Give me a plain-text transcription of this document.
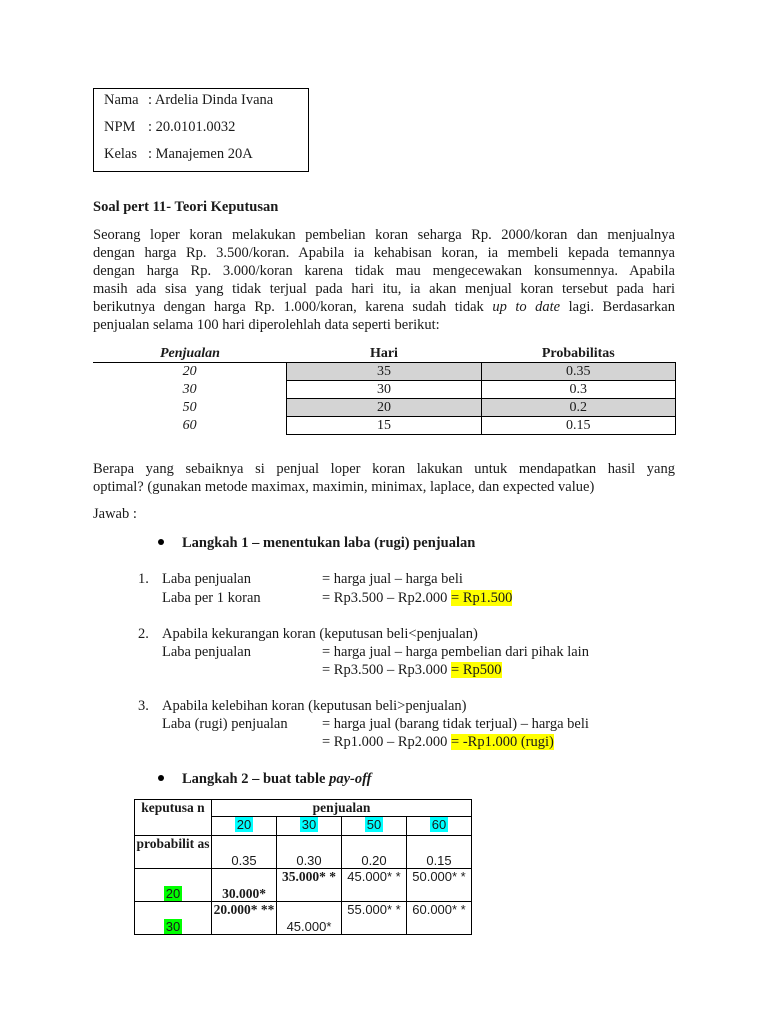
Nama : Ardelia Dinda Ivana
NPM : 20.0101.0032
Kelas : Manajemen 20A
Soal pert 11- Teori Keputusan

Seorang loper koran melakukan pembelian koran seharga Rp. 2000/koran dan menjualnya

dengan harga Rp. 3.500/koran. Apabila ia kehabisan koran, ia membeli kepada temannya

dengan harga Rp. 3.000/koran karena tidak mau mengecewakan konsumennya. Apabila

masih ada sisa yang tidak terjual pada hari itu, ia akan menjual koran tersebut pada hari

berikutnya dengan harga Rp. 1.000/koran, karena sudah tidak up to date lagi. Berdasarkan

penjualan selama 100 hari diperolehlah data seperti berikut:

Penjualan	Hari	Probabilitas
20	35	0.35
30	30	0.3
50	20	0.2
60	15	0.15

Berapa yang sebaiknya si penjual loper koran lakukan untuk mendapatkan hasil yang

optimal? (gunakan metode maximax, maximin, minimax, laplace, dan expected value)

Jawab :
Langkah 1 – menentukan laba (rugi) penjualan
1. Laba penjualan	= harga jual – harga beli
Laba per 1 koran	= Rp3.500 – Rp2.000 = Rp1.500
2. Apabila kekurangan koran (keputusan beli<penjualan)
Laba penjualan	= harga jual – harga pembelian dari pihak lain
= Rp3.500 – Rp3.000 = Rp500
3. Apabila kelebihan koran (keputusan beli>penjualan)
Laba (rugi) penjualan = harga jual (barang tidak terjual) – harga beli
= Rp1.000 – Rp2.000 = -Rp1.000 (rugi)
Langkah 2 – buat table pay-off
keputusa n	penjualan			
	20	30	50	60
probabilit as	0.35	0.30	0.20	0.15
20	30.000*	35.000* *	45.000* *	50.000* *
30	20.000* **	45.000*	55.000* *	60.000* *
